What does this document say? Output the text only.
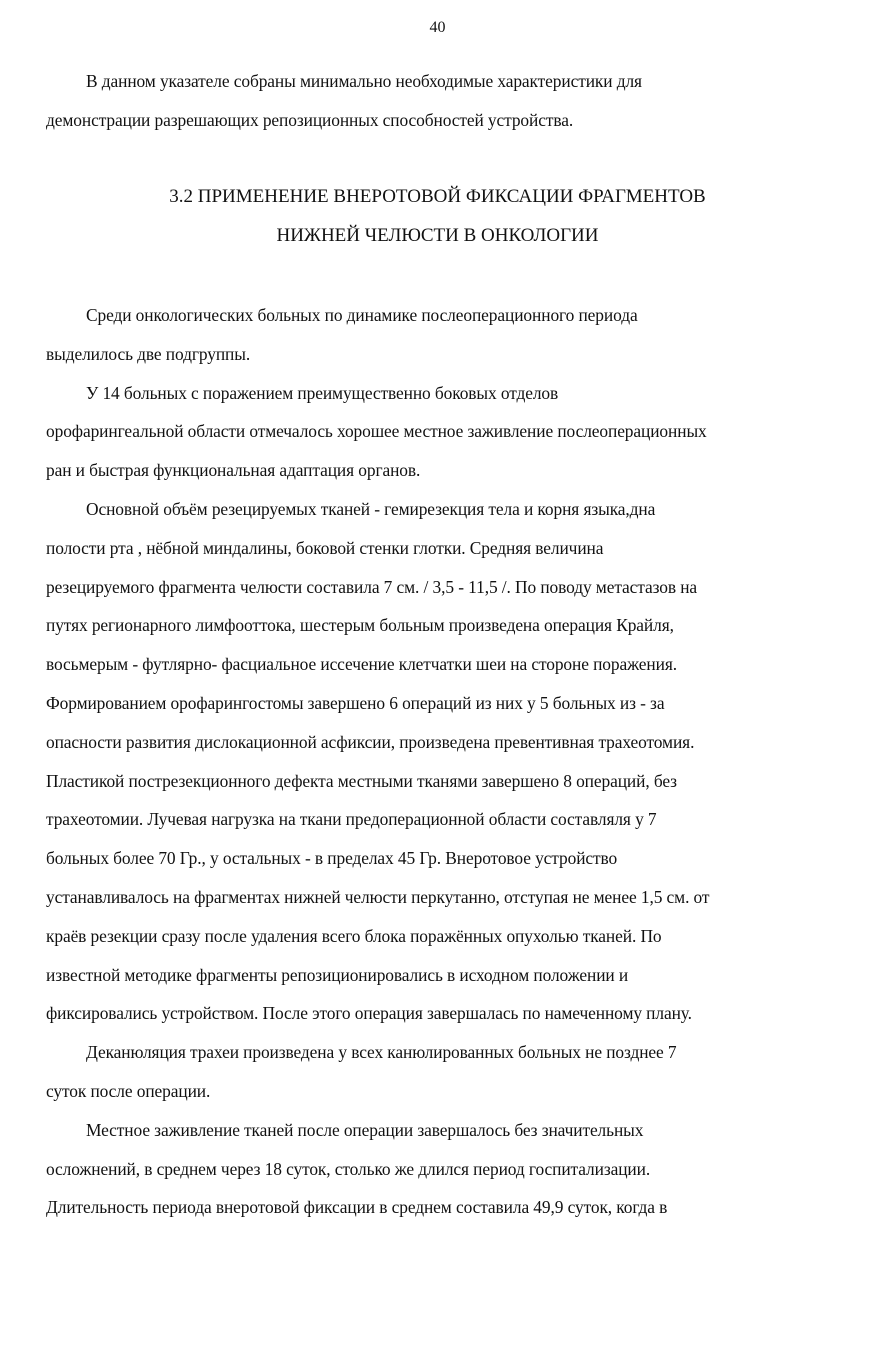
40

В данном указателе собраны минимально необходимые характеристики для
демонстрации разрешающих репозиционных способностей устройства.

3.2 ПРИМЕНЕНИЕ ВНЕРОТОВОЙ ФИКСАЦИИ ФРАГМЕНТОВ
НИЖНЕЙ ЧЕЛЮСТИ В ОНКОЛОГИИ

Среди онкологических больных по динамике послеоперационного периода
выделилось две подгруппы.

У 14 больных с поражением преимущественно боковых отделов
орофарингеальной области отмечалось хорошее местное заживление послеоперационных
ран и быстрая функциональная адаптация органов.

Основной объём резецируемых тканей - гемирезекция тела и корня языка,дна
полости рта , нёбной миндалины, боковой стенки глотки. Средняя величина
резецируемого фрагмента челюсти составила 7 см. / 3,5 - 11,5 /. По поводу метастазов на
путях регионарного лимфооттока, шестерым больным произведена операция Крайля,
восьмерым - футлярно- фасциальное иссечение клетчатки шеи на стороне поражения.
Формированием орофарингостомы завершено 6 операций из них у 5 больных из - за
опасности развития дислокационной асфиксии, произведена превентивная трахеотомия.
Пластикой пострезекционного дефекта местными тканями завершено 8 операций, без
трахеотомии. Лучевая нагрузка на ткани предоперационной области составляля у 7
больных более 70 Гр., у остальных - в пределах 45 Гр. Внеротовое устройство
устанавливалось на фрагментах нижней челюсти перкутанно, отступая не менее 1,5 см. от
краёв резекции сразу после удаления всего блока поражённых опухолью тканей. По
известной методике фрагменты репозиционировались в исходном положении и
фиксировались устройством. После этого операция завершалась по намеченному плану.

Деканюляция трахеи произведена у всех канюлированных больных не позднее 7
суток после операции.

Местное заживление тканей после операции завершалось без значительных
осложнений, в среднем через 18 суток, столько же длился период госпитализации.
Длительность периода внеротовой фиксации в среднем составила 49,9 суток, когда в
